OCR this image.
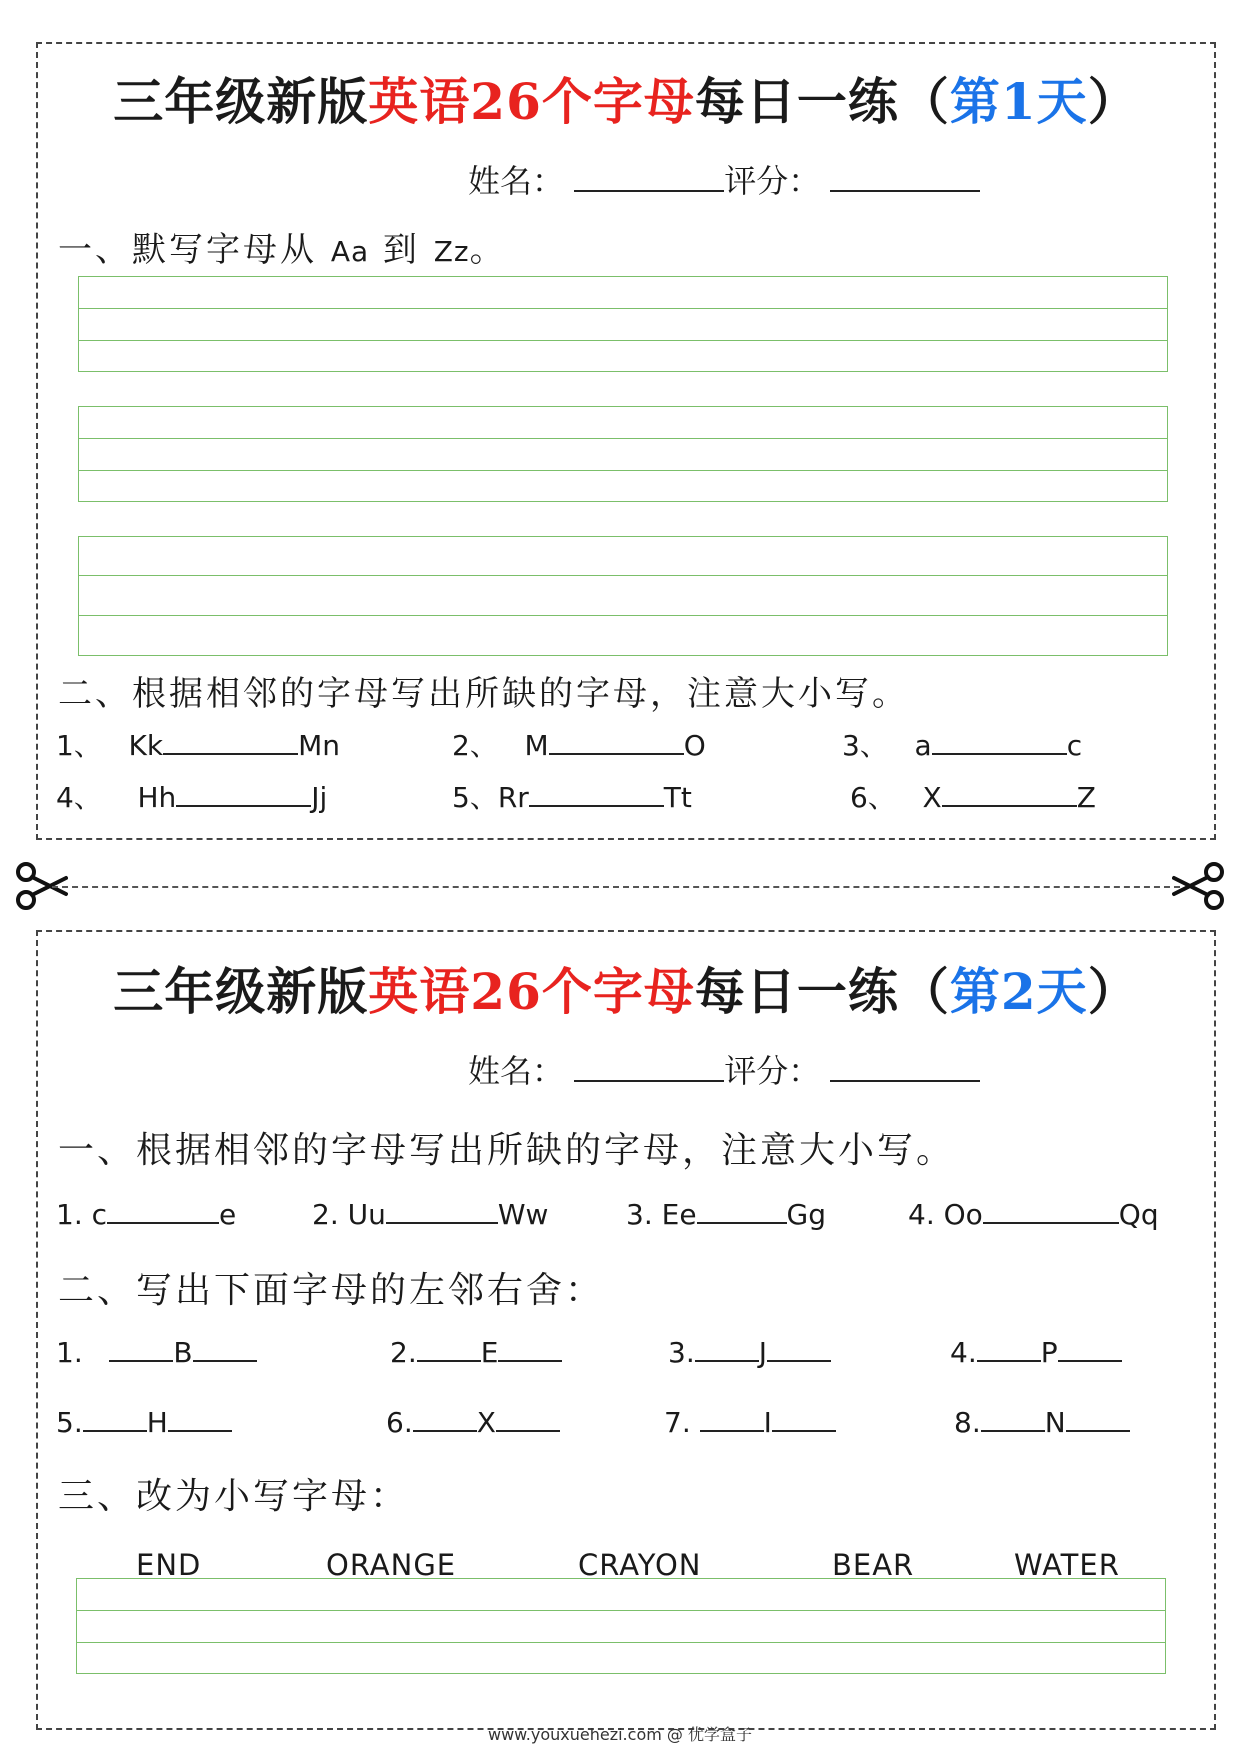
三年级新版英语26个字母每日一练（第1天）
姓名：	评分：
一、默写字母从 Aa 到 Zz。
二、根据相邻的字母写出所缺的字母，注意大小写。
1、 Kk	Mn	2、 M	O	3、 a	c
4、 Hh	Jj	5、Rr	Tt	6、 X	Z
三年级新版英语26个字母每日一练（第2天）
姓名：	评分：
一、根据相邻的字母写出所缺的字母，注意大小写。
1. c	e	2. Uu	Ww	3. Ee	Gg	4. Oo	Qq
二、写出下面字母的左邻右舍：
1.	B	2. E	3. J	4. P
5. H	6. X	7.	I	8. N
三、改为小写字母：
END	ORANGE	CRAYON	BEAR	WATER
www.youxuehezi.com @ 优学盒子
